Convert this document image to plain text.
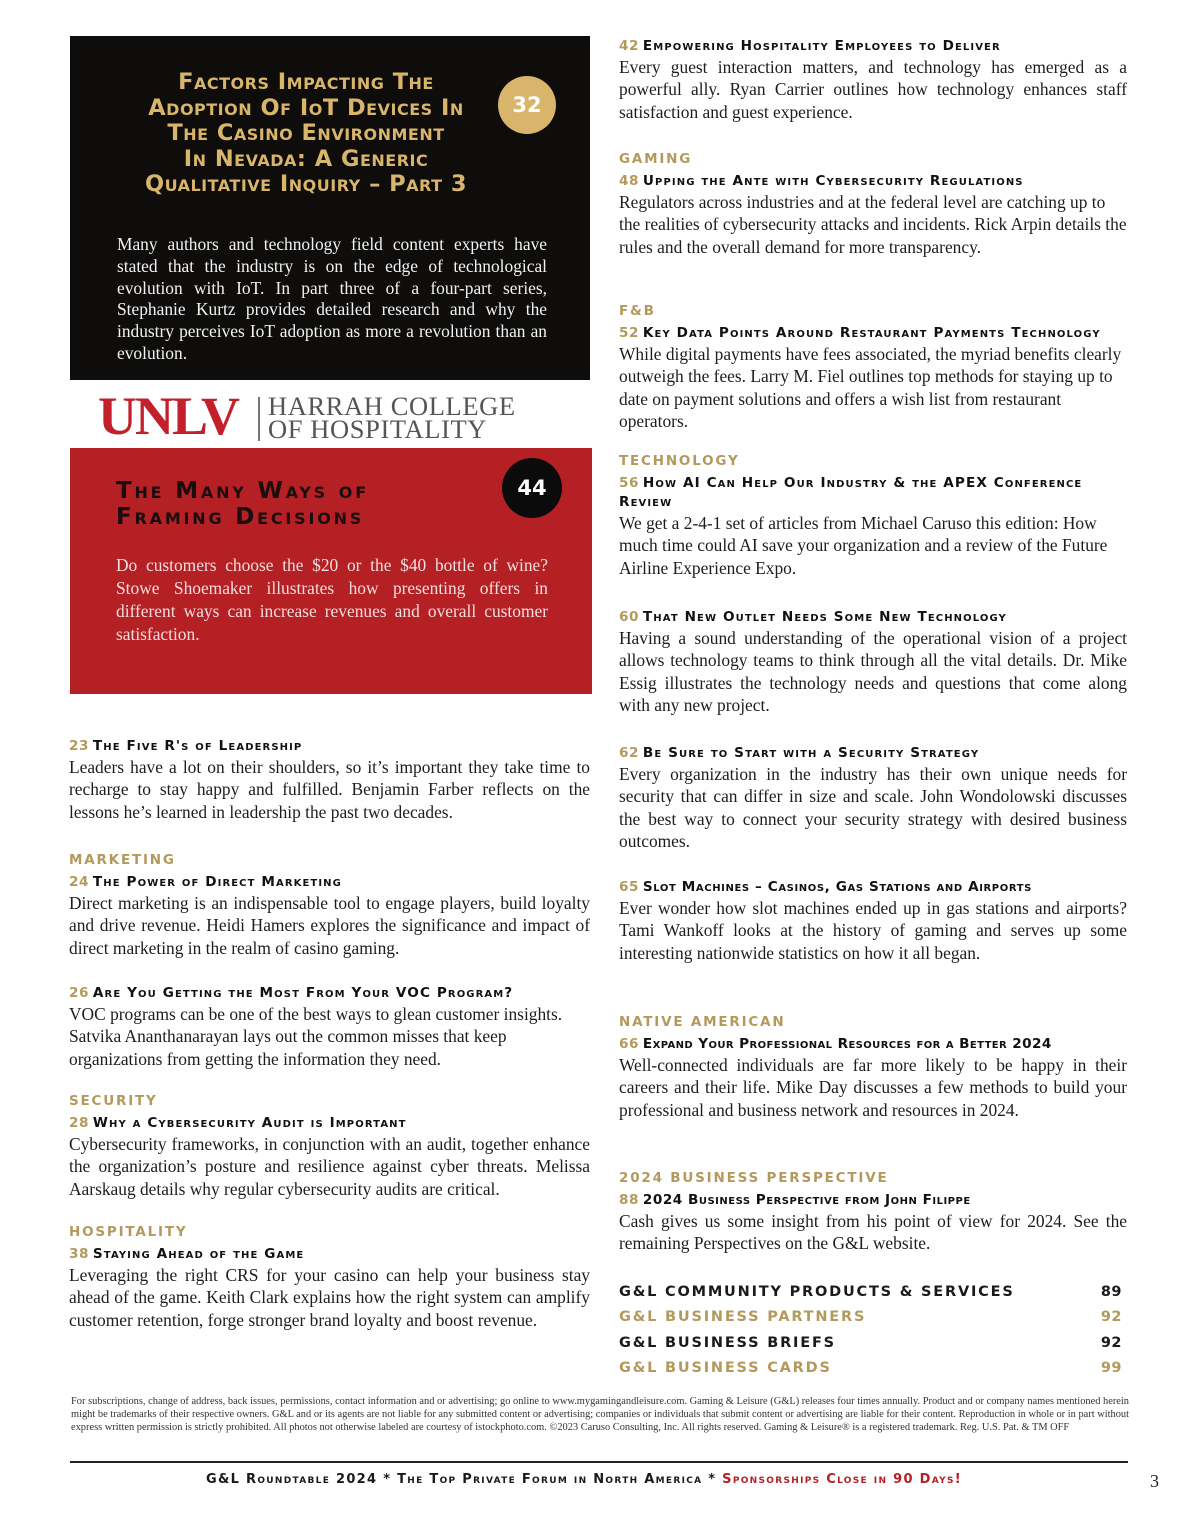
Factors Impacting The
Adoption Of IoT Devices In
The Casino Environment
In Nevada: A Generic
Qualitative Inquiry – Part 3
32
Many authors and technology field content experts have stated that the industry is on the edge of technological evolution with IoT. In part three of a four-part series, Stephanie Kurtz provides detailed research and why the industry perceives IoT adoption as more a revolution than an evolution.
UNLV HARRAH COLLEGE
OF HOSPITALITY
The Many Ways of
Framing Decisions
44
Do customers choose the $20 or the $40 bottle of wine? Stowe Shoemaker illustrates how presenting offers in different ways can increase revenues and overall customer satisfaction.
23 The Five R's of Leadership
Leaders have a lot on their shoulders, so it’s important they take time to recharge to stay happy and fulfilled. Benjamin Farber reflects on the lessons he’s learned in leadership the past two decades.
MARKETING
24 The Power of Direct Marketing
Direct marketing is an indispensable tool to engage players, build loyalty and drive revenue. Heidi Hamers explores the significance and impact of direct marketing in the realm of casino gaming.
26 Are You Getting the Most From Your VOC Program?
VOC programs can be one of the best ways to glean customer insights. Satvika Ananthanarayan lays out the common misses that keep organizations from getting the information they need.
SECURITY
28 Why a Cybersecurity Audit is Important
Cybersecurity frameworks, in conjunction with an audit, together enhance the organization’s posture and resilience against cyber threats. Melissa Aarskaug details why regular cybersecurity audits are critical.
HOSPITALITY
38 Staying Ahead of the Game
Leveraging the right CRS for your casino can help your business stay ahead of the game. Keith Clark explains how the right system can amplify customer retention, forge stronger brand loyalty and boost revenue.
42 Empowering Hospitality Employees to Deliver
Every guest interaction matters, and technology has emerged as a powerful ally. Ryan Carrier outlines how technology enhances staff satisfaction and guest experience.
GAMING
48 Upping the Ante with Cybersecurity Regulations
Regulators across industries and at the federal level are catching up to the realities of cybersecurity attacks and incidents. Rick Arpin details the rules and the overall demand for more transparency.
F&B
52 Key Data Points Around Restaurant Payments Technology
While digital payments have fees associated, the myriad benefits clearly outweigh the fees. Larry M. Fiel outlines top methods for staying up to date on payment solutions and offers a wish list from restaurant operators.
TECHNOLOGY
56 How AI Can Help Our Industry & the APEX Conference Review
We get a 2-4-1 set of articles from Michael Caruso this edition: How much time could AI save your organization and a review of the Future Airline Experience Expo.
60 That New Outlet Needs Some New Technology
Having a sound understanding of the operational vision of a project allows technology teams to think through all the vital details. Dr. Mike Essig illustrates the technology needs and questions that come along with any new project.
62 Be Sure to Start with a Security Strategy
Every organization in the industry has their own unique needs for security that can differ in size and scale. John Wondolowski discusses the best way to connect your security strategy with desired business outcomes.
65 Slot Machines – Casinos, Gas Stations and Airports
Ever wonder how slot machines ended up in gas stations and airports? Tami Wankoff looks at the history of gaming and serves up some interesting nationwide statistics on how it all began.
NATIVE AMERICAN
66 Expand Your Professional Resources for a Better 2024
Well-connected individuals are far more likely to be happy in their careers and their life. Mike Day discusses a few methods to build your professional and business network and resources in 2024.
2024 BUSINESS PERSPECTIVE
88 2024 Business Perspective from John Filippe
Cash gives us some insight from his point of view for 2024. See the remaining Perspectives on the G&L website.
G&L COMMUNITY PRODUCTS & SERVICES	89
G&L BUSINESS PARTNERS	92
G&L BUSINESS BRIEFS	92
G&L BUSINESS CARDS	99
For subscriptions, change of address, back issues, permissions, contact information and or advertising; go online to www.mygamingandleisure.com. Gaming & Leisure (G&L) releases four times annually. Product and or company names mentioned herein might be trademarks of their respective owners. G&L and or its agents are not liable for any submitted content or advertising; companies or individuals that submit content or advertising are liable for their content. Reproduction in whole or in part without express written permission is strictly prohibited. All photos not otherwise labeled are courtesy of istockphoto.com. ©2023 Caruso Consulting, Inc. All rights reserved. Gaming & Leisure® is a registered trademark. Reg. U.S. Pat. & TM OFF
G&L Roundtable 2024 * The Top Private Forum in North America * Sponsorships Close in 90 Days!	3
